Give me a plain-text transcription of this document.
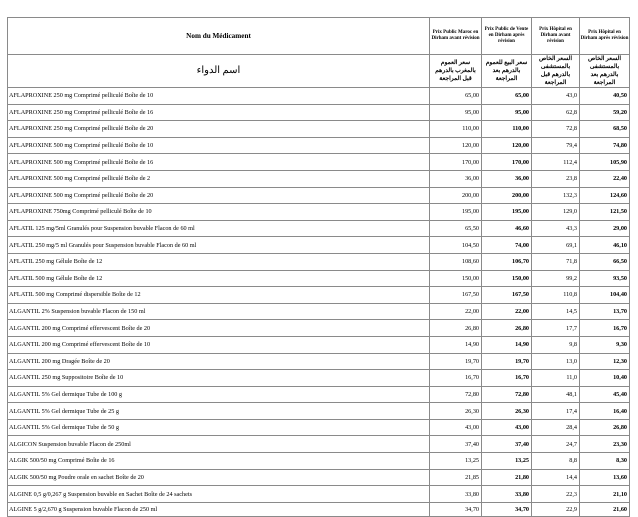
Nom du Médicament	Prix Public Maroc en Dirham avant révision	Prix Public de Vente en Dirham après révision	Prix Hôpital en Dirham avant révision	Prix Hôpital en Dirham après révision
اسم الدواء	سعر العموم بالمغرب بالدرهم قبل المراجعة	سعر البيع للعموم بالدرهم بعد المراجعة	السعر الخاص بالمستشفى بالدرهم قبل المراجعة	السعر الخاص بالمستشفى بالدرهم بعد المراجعة
AFLAPROXINE 250 mg Comprimé pelliculé Boîte de 10	65,00	65,00	43,0	40,50
AFLAPROXINE 250 mg Comprimé pelliculé Boîte de 16	95,00	95,00	62,8	59,20
AFLAPROXINE 250 mg Comprimé pelliculé Boîte de 20	110,00	110,00	72,8	68,50
AFLAPROXINE 500 mg Comprimé pelliculé Boîte de 10	120,00	120,00	79,4	74,80
AFLAPROXINE 500 mg Comprimé pelliculé Boîte de 16	170,00	170,00	112,4	105,90
AFLAPROXINE 500 mg Comprimé pelliculé Boîte de 2	36,00	36,00	23,8	22,40
AFLAPROXINE 500 mg Comprimé pelliculé Boîte de 20	200,00	200,00	132,3	124,60
AFLAPROXINE 750mg Comprimé pelliculé Boîte de 10	195,00	195,00	129,0	121,50
AFLATIL 125 mg/5ml Granulés pour Suspension buvable Flacon de 60 ml	65,50	46,60	43,3	29,00
AFLATIL 250 mg/5 ml Granulés pour Suspension buvable Flacon de 60 ml	104,50	74,00	69,1	46,10
AFLATIL 250 mg Gélule Boîte de 12	108,60	106,70	71,8	66,50
AFLATIL 500 mg Gélule Boîte de 12	150,00	150,00	99,2	93,50
AFLATIL 500 mg Comprimé dispersible Boîte de 12	167,50	167,50	110,8	104,40
ALGANTIL 2% Suspension buvable Flacon de 150 ml	22,00	22,00	14,5	13,70
ALGANTIL 200 mg Comprimé effervescent Boîte de 20	26,80	26,80	17,7	16,70
ALGANTIL 200 mg Comprimé effervescent Boîte de 10	14,90	14,90	9,8	9,30
ALGANTIL 200 mg Dragée Boîte de 20	19,70	19,70	13,0	12,30
ALGANTIL 250 mg Suppositoire Boîte de 10	16,70	16,70	11,0	10,40
ALGANTIL 5% Gel dermique Tube de 100 g	72,80	72,80	48,1	45,40
ALGANTIL 5% Gel dermique Tube de 25 g	26,30	26,30	17,4	16,40
ALGANTIL 5% Gel dermique Tube de 50 g	43,00	43,00	28,4	26,80
ALGICON Suspension buvable Flacon de 250ml	37,40	37,40	24,7	23,30
ALGIK 500/50 mg Comprimé Boîte de 16	13,25	13,25	8,8	8,30
ALGIK 500/50 mg Poudre orale en sachet Boîte de 20	21,85	21,80	14,4	13,60
ALGINE 0,5 g/0,267 g Suspension buvable en Sachet Boîte de 24 sachets	33,80	33,80	22,3	21,10
ALGINE 5 g/2,670 g Suspension buvable Flacon de 250 ml	34,70	34,70	22,9	21,60
